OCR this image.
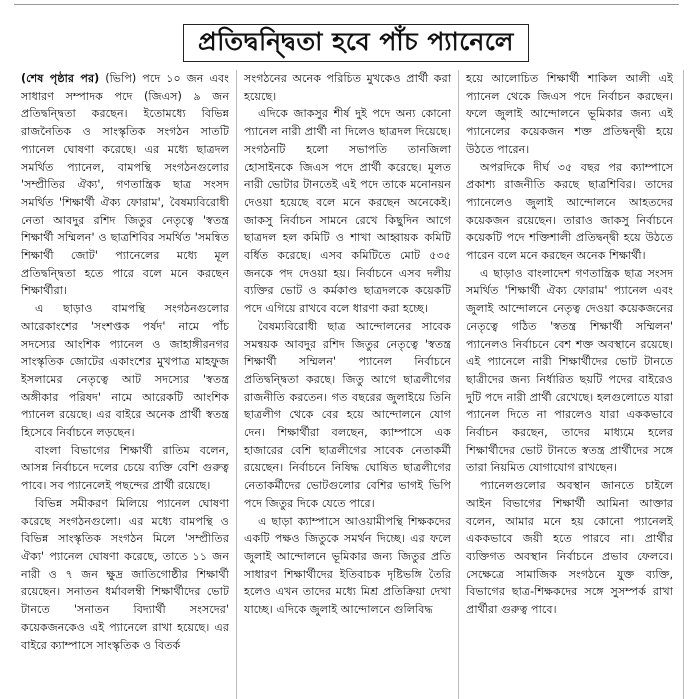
প্রতিদ্বন্দ্বিতা হবে পাঁচ প্যানেলে

(শেষ পৃষ্ঠার পর) (ভিপি) পদে ১০ জন এবং সাধারণ সম্পাদক পদে (জিএস) ৯ জন প্রতিদ্বন্দ্বিতা করছেন। ইতোমধ্যে বিভিন্ন রাজনৈতিক ও সাংস্কৃতিক সংগঠন সাতটি প্যানেল ঘোষণা করেছে। এর মধ্যে ছাত্রদল সমর্থিত প্যানেল, বামপন্থি সংগঠনগুলোর 'সম্প্রীতির ঐক্য', গণতান্ত্রিক ছাত্র সংসদ সমর্থিত 'শিক্ষার্থী ঐক্য ফোরাম', বৈষম্যবিরোধী নেতা আবদুর রশিদ জিতুর নেতৃত্বে 'স্বতন্ত্র শিক্ষার্থী সম্মিলন' ও ছাত্রশিবির সমর্থিত 'সমন্বিত শিক্ষার্থী জোট' প্যানেলের মধ্যে মূল প্রতিদ্বন্দ্বিতা হতে পারে বলে মনে করছেন শিক্ষার্থীরা।

এ ছাড়াও বামপন্থি সংগঠনগুলোর আরেকাংশের 'সংশপ্তক পর্ষদ' নামে পাঁচ সদস্যের আংশিক প্যানেল ও জাহাঙ্গীরনগর সাংস্কৃতিক জোটের একাংশের মুখপাত্র মাহফুজ ইসলামের নেতৃত্বে আট সদস্যের 'স্বতন্ত্র অঙ্গীকার পরিষদ' নামে আরেকটি আংশিক প্যানেল রয়েছে। এর বাইরে অনেক প্রার্থী স্বতন্ত্র হিসেবে নির্বাচনে লড়ছেন।

বাংলা বিভাগের শিক্ষার্থী রাতিম বলেন, আসন্ন নির্বাচনে দলের চেয়ে ব্যক্তি বেশি গুরুত্ব পাবে। সব প্যানেলেই পছন্দের প্রার্থী রয়েছে।

বিভিন্ন সমীকরণ মিলিয়ে প্যানেল ঘোষণা করেছে সংগঠনগুলো। এর মধ্যে বামপন্থি ও বিভিন্ন সাংস্কৃতিক সংগঠন মিলে 'সম্প্রীতির ঐক্য' প্যানেল ঘোষণা করেছে, তাতে ১১ জন নারী ও ৭ জন ক্ষুদ্র জাতিগোষ্ঠীর শিক্ষার্থী রয়েছেন। সনাতন ধর্মাবলম্বী শিক্ষার্থীদের ভোট টানতে 'সনাতন বিদ্যার্থী সংসদের' কয়েকজনকেও এই প্যানেলে রাখা হয়েছে। এর বাইরে ক্যাম্পাসে সাংস্কৃতিক ও বিতর্ক

সংগঠনের অনেক পরিচিত মুখকেও প্রার্থী করা হয়েছে।

এদিকে জাকসুর শীর্ষ দুই পদে অন্য কোনো প্যানেল নারী প্রার্থী না দিলেও ছাত্রদল দিয়েছে। সংগঠনটি হলো সভাপতি তানজিলা হোসাইনকে জিএস পদে প্রার্থী করেছে। মূলত নারী ভোটার টানতেই এই পদে তাকে মনোনয়ন দেওয়া হয়েছে বলে মনে করছেন অনেকেই। জাকসু নির্বাচন সামনে রেখে কিছুদিন আগে ছাত্রদল হল কমিটি ও শাখা আহ্বায়ক কমিটি বর্ধিত করেছে। এসব কমিটিতে মোট ৫৩৫ জনকে পদ দেওয়া হয়। নির্বাচনে এসব দলীয় ব্যক্তির ভোট ও কর্মকাণ্ড ছাত্রদলকে কয়েকটি পদে এগিয়ে রাখবে বলে ধারণা করা হচ্ছে।

বৈষম্যবিরোধী ছাত্র আন্দোলনের সাবেক সমন্বয়ক আবদুর রশিদ জিতুর নেতৃত্বে 'স্বতন্ত্র শিক্ষার্থী সম্মিলন' প্যানেল নির্বাচনে প্রতিদ্বন্দ্বিতা করছে। জিতু আগে ছাত্রলীগের রাজনীতি করতেন। গত বছরের জুলাইয়ে তিনি ছাত্রলীগ থেকে বের হয়ে আন্দোলনে যোগ দেন। শিক্ষার্থীরা বলছেন, ক্যাম্পাসে এক হাজারের বেশি ছাত্রলীগের সাবেক নেতাকর্মী রয়েছেন। নির্বাচনে নিষিদ্ধ ঘোষিত ছাত্রলীগের নেতাকর্মীদের ভোটগুলোর বেশির ভাগই ভিপি পদে জিতুর দিকে যেতে পারে।

এ ছাড়া ক্যাম্পাসে আওয়ামীপন্থি শিক্ষকদের একটি পক্ষও জিতুকে সমর্থন দিচ্ছে। এর ফলে জুলাই আন্দোলনে ভূমিকার জন্য জিতুর প্রতি সাধারণ শিক্ষার্থীদের ইতিবাচক দৃষ্টিভঙ্গি তৈরি হলেও এখন তাদের মধ্যে মিশ্র প্রতিক্রিয়া দেখা যাচ্ছে। এদিকে জুলাই আন্দোলনে গুলিবিদ্ধ

হয়ে আলোচিত শিক্ষার্থী শাকিল আলী এই প্যানেল থেকে জিএস পদে নির্বাচন করছেন। ফলে জুলাই আন্দোলনে ভূমিকার জন্য এই প্যানেলের কয়েকজন শক্ত প্রতিদ্বন্দ্বী হয়ে উঠতে পারেন।

অপরদিকে দীর্ঘ ৩৫ বছর পর ক্যাম্পাসে প্রকাশ্য রাজনীতি করছে ছাত্রশিবির। তাদের প্যানেলেও জুলাই আন্দোলনে আহতদের কয়েকজন রয়েছেন। তারাও জাকসু নির্বাচনে কয়েকটি পদে শক্তিশালী প্রতিদ্বন্দ্বী হয়ে উঠতে পারেন বলে মনে করছেন অনেক শিক্ষার্থী।

এ ছাড়াও বাংলাদেশ গণতান্ত্রিক ছাত্র সংসদ সমর্থিত 'শিক্ষার্থী ঐক্য ফোরাম' প্যানেল এবং জুলাই আন্দোলনে নেতৃত্ব দেওয়া কয়েকজনের নেতৃত্বে গঠিত 'স্বতন্ত্র শিক্ষার্থী সম্মিলন' প্যানেলও নির্বাচনে বেশ শক্ত অবস্থানে রয়েছে। এই প্যানেলে নারী শিক্ষার্থীদের ভোট টানতে ছাত্রীদের জন্য নির্ধারিত ছয়টি পদের বাইরেও দুটি পদে নারী প্রার্থী রেখেছে। হলগুলোতে যারা প্যানেল দিতে না পারলেও যারা এককভাবে নির্বাচন করছেন, তাদের মাধ্যমে হলের শিক্ষার্থীদের ভোট টানতে স্বতন্ত্র প্রার্থীদের সঙ্গে তারা নিয়মিত যোগাযোগ রাখছেন।

প্যানেলগুলোর অবস্থান জানতে চাইলে আইন বিভাগের শিক্ষার্থী আমিনা আক্তার বলেন, আমার মনে হয় কোনো প্যানেলই এককভাবে জয়ী হতে পারবে না। প্রার্থীর ব্যক্তিগত অবস্থান নির্বাচনে প্রভাব ফেলবে। সেক্ষেত্রে সামাজিক সংগঠনে যুক্ত ব্যক্তি, বিভাগের ছাত্র-শিক্ষকদের সঙ্গে সুসম্পর্ক রাখা প্রার্থীরা গুরুত্ব পাবে।
